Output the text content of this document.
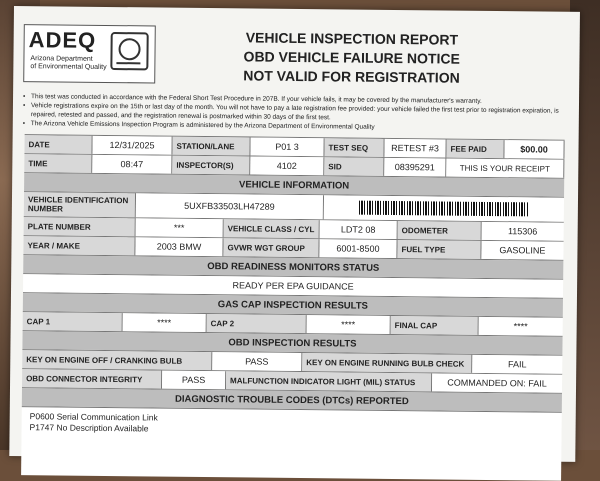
ADEQ
Arizona Department
of Environmental Quality
VEHICLE INSPECTION REPORT
OBD VEHICLE FAILURE NOTICE
NOT VALID FOR REGISTRATION
• This test was conducted in accordance with the Federal Short Test Procedure in 207B. If your vehicle fails, it may be covered by the manufacturer's warranty.
• Vehicle registrations expire on the 15th or last day of the month. You will not have to pay a late registration fee provided: your vehicle failed the first test prior to registration expiration, is repaired, retested and passed, and the registration renewal is postmarked within 30 days of the first test.
• The Arizona Vehicle Emissions Inspection Program is administered by the Arizona Department of Environmental Quality
DATE	12/31/2025	STATION/LANE	P01 3	TEST SEQ	RETEST #3	FEE PAID	$00.00
TIME	08:47	INSPECTOR(S)	4102	SID	08395291	THIS IS YOUR RECEIPT
VEHICLE INFORMATION
VEHICLE IDENTIFICATION
NUMBER	5UXFB33503LH47289
PLATE NUMBER	***	VEHICLE CLASS / CYL	LDT2 08	ODOMETER	115306
YEAR / MAKE	2003 BMW	GVWR WGT GROUP	6001-8500	FUEL TYPE	GASOLINE
OBD READINESS MONITORS STATUS
READY PER EPA GUIDANCE
GAS CAP INSPECTION RESULTS
CAP 1	****	CAP 2	****	FINAL CAP	****
OBD INSPECTION RESULTS
KEY ON ENGINE OFF / CRANKING BULB	PASS	KEY ON ENGINE RUNNING BULB CHECK	FAIL
OBD CONNECTOR INTEGRITY	PASS	MALFUNCTION INDICATOR LIGHT (MIL) STATUS	COMMANDED ON: FAIL
DIAGNOSTIC TROUBLE CODES (DTCs) REPORTED
P0600 Serial Communication Link
P1747 No Description Available
